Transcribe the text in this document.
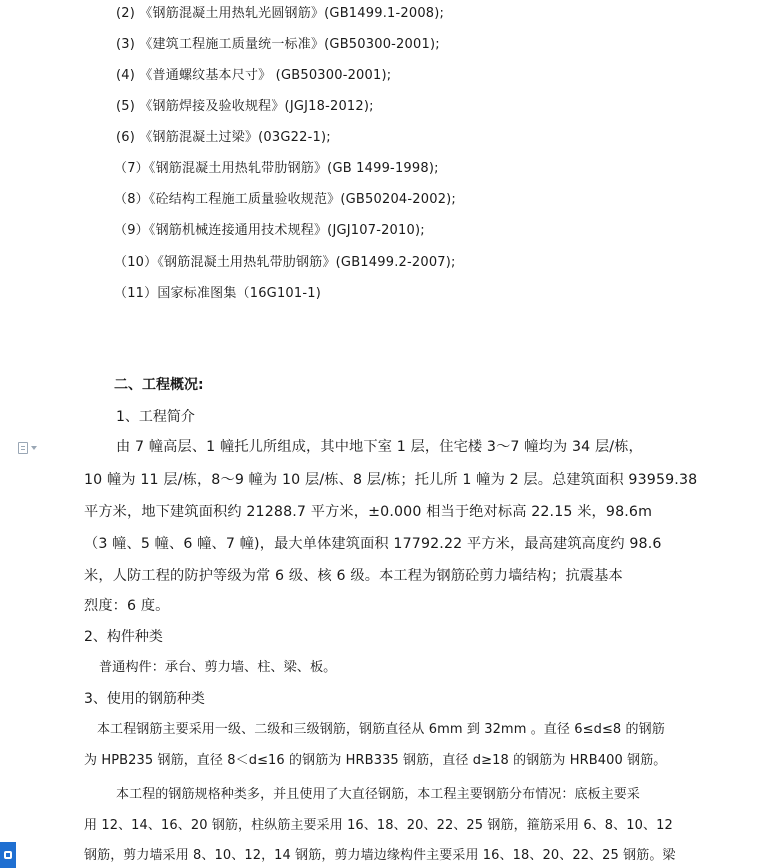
(2) 《钢筋混凝土用热轧光圆钢筋》(GB1499.1-2008);
(3) 《建筑工程施工质量统一标准》(GB50300-2001);
(4) 《普通螺纹基本尺寸》 (GB50300-2001);
(5) 《钢筋焊接及验收规程》(JGJ18-2012);
(6) 《钢筋混凝土过梁》(03G22-1);
（7）《钢筋混凝土用热轧带肋钢筋》(GB 1499-1998);
（8）《砼结构工程施工质量验收规范》(GB50204-2002);
（9）《钢筋机械连接通用技术规程》(JGJ107-2010);
（10）《钢筋混凝土用热轧带肋钢筋》(GB1499.2-2007);
（11）国家标准图集（16G101-1)
二、工程概况:
1、工程简介
由 7 幢高层、1 幢托儿所组成，其中地下室 1 层，住宅楼 3～7 幢均为 34 层/栋，
10 幢为 11 层/栋，8～9 幢为 10 层/栋、8 层/栋；托儿所 1 幢为 2 层。总建筑面积 93959.38
平方米，地下建筑面积约 21288.7 平方米，±0.000 相当于绝对标高 22.15 米，98.6m
（3 幢、5 幢、6 幢、7 幢)，最大单体建筑面积 17792.22 平方米，最高建筑高度约 98.6
米，人防工程的防护等级为常 6 级、核 6 级。本工程为钢筋砼剪力墙结构；抗震基本
烈度：6 度。
2、构件种类
普通构件：承台、剪力墙、柱、梁、板。
3、使用的钢筋种类
本工程钢筋主要采用一级、二级和三级钢筋，钢筋直径从 6mm 到 32mm 。直径 6≤d≤8 的钢筋
为 HPB235 钢筋，直径 8＜d≤16 的钢筋为 HRB335 钢筋，直径 d≥18 的钢筋为 HRB400 钢筋。
本工程的钢筋规格种类多，并且使用了大直径钢筋，本工程主要钢筋分布情况：底板主要采
用 12、14、16、20 钢筋，柱纵筋主要采用 16、18、20、22、25 钢筋，箍筋采用 6、8、10、12
钢筋，剪力墙采用 8、10、12，14 钢筋，剪力墙边缘构件主要采用 16、18、20、22、25 钢筋。梁
